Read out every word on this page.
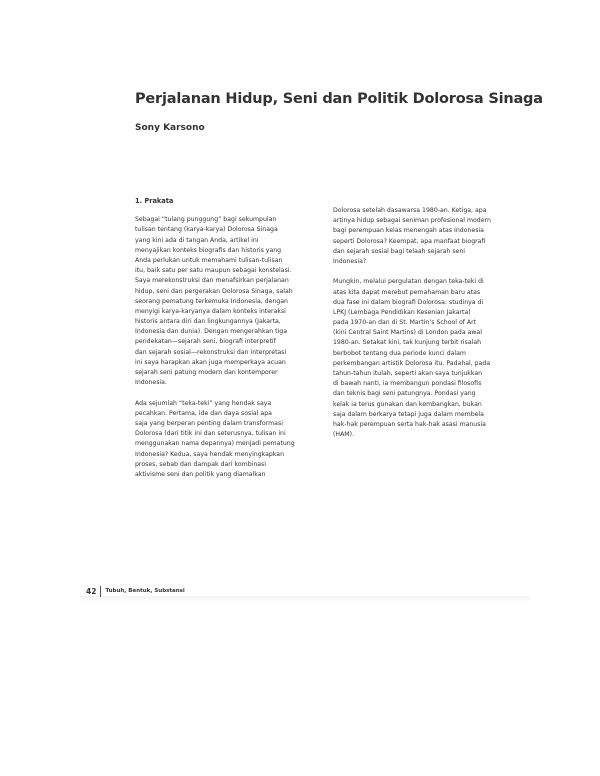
Perjalanan Hidup, Seni dan Politik Dolorosa Sinaga
Sony Karsono
1. Prakata
Sebagai “tulang punggung” bagi sekumpulan
tulisan tentang (karya-karya) Dolorosa Sinaga
yang kini ada di tangan Anda, artikel ini
menyajikan konteks biografis dan historis yang
Anda perlukan untuk memahami tulisan-tulisan
itu, baik satu per satu maupun sebagai konstelasi.
Saya merekonstruksi dan menafsirkan perjalanan
hidup, seni dan pergerakan Dolorosa Sinaga, salah
seorang pematung terkemuka Indonesia, dengan
menyigi karya-karyanya dalam konteks interaksi
historis antara diri dan lingkungannya (Jakarta,
Indonesia dan dunia). Dengan mengerahkan tiga
pendekatan—sejarah seni, biografi interpretif
dan sejarah sosial—rekonstruksi dan interpretasi
ini saya harapkan akan juga memperkaya acuan
sejarah seni patung modern dan kontemporer
Indonesia.
Ada sejumlah “teka-teki” yang hendak saya
pecahkan. Pertama, ide dan daya sosial apa
saja yang berperan penting dalam transformasi
Dolorosa (dari titik ini dan seterusnya, tulisan ini
menggunakan nama depannya) menjadi pematung
Indonesia? Kedua, saya hendak menyingkapkan
proses, sebab dan dampak dari kombinasi
aktivisme seni dan politik yang diamalkan
Dolorosa setelah dasawarsa 1980-an. Ketiga, apa
artinya hidup sebagai seniman profesional modern
bagi perempuan kelas menengah atas Indonesia
seperti Dolorosa? Keempat, apa manfaat biografi
dan sejarah sosial bagi telaah sejarah seni
Indonesia?
Mungkin, melalui pergulatan dengan teka-teki di
atas kita dapat merebut pemahaman baru atas
dua fase ini dalam biografi Dolorosa: studinya di
LPKJ (Lembaga Pendidikan Kesenian Jakarta)
pada 1970-an dan di St. Martin’s School of Art
(kini Central Saint Martins) di London pada awal
1980-an. Setakat kini, tak kunjung terbit risalah
berbobot tentang dua periode kunci dalam
perkembangan artistik Dolorosa itu. Padahal, pada
tahun-tahun itulah, seperti akan saya tunjukkan
di bawah nanti, ia membangun pondasi filosofis
dan teknis bagi seni patungnya. Pondasi yang
kelak ia terus gunakan dan kembangkan, bukan
saja dalam berkarya tetapi juga dalam membela
hak-hak perempuan serta hak-hak asasi manusia
(HAM).
42 Tubuh, Bentuk, Substansi
